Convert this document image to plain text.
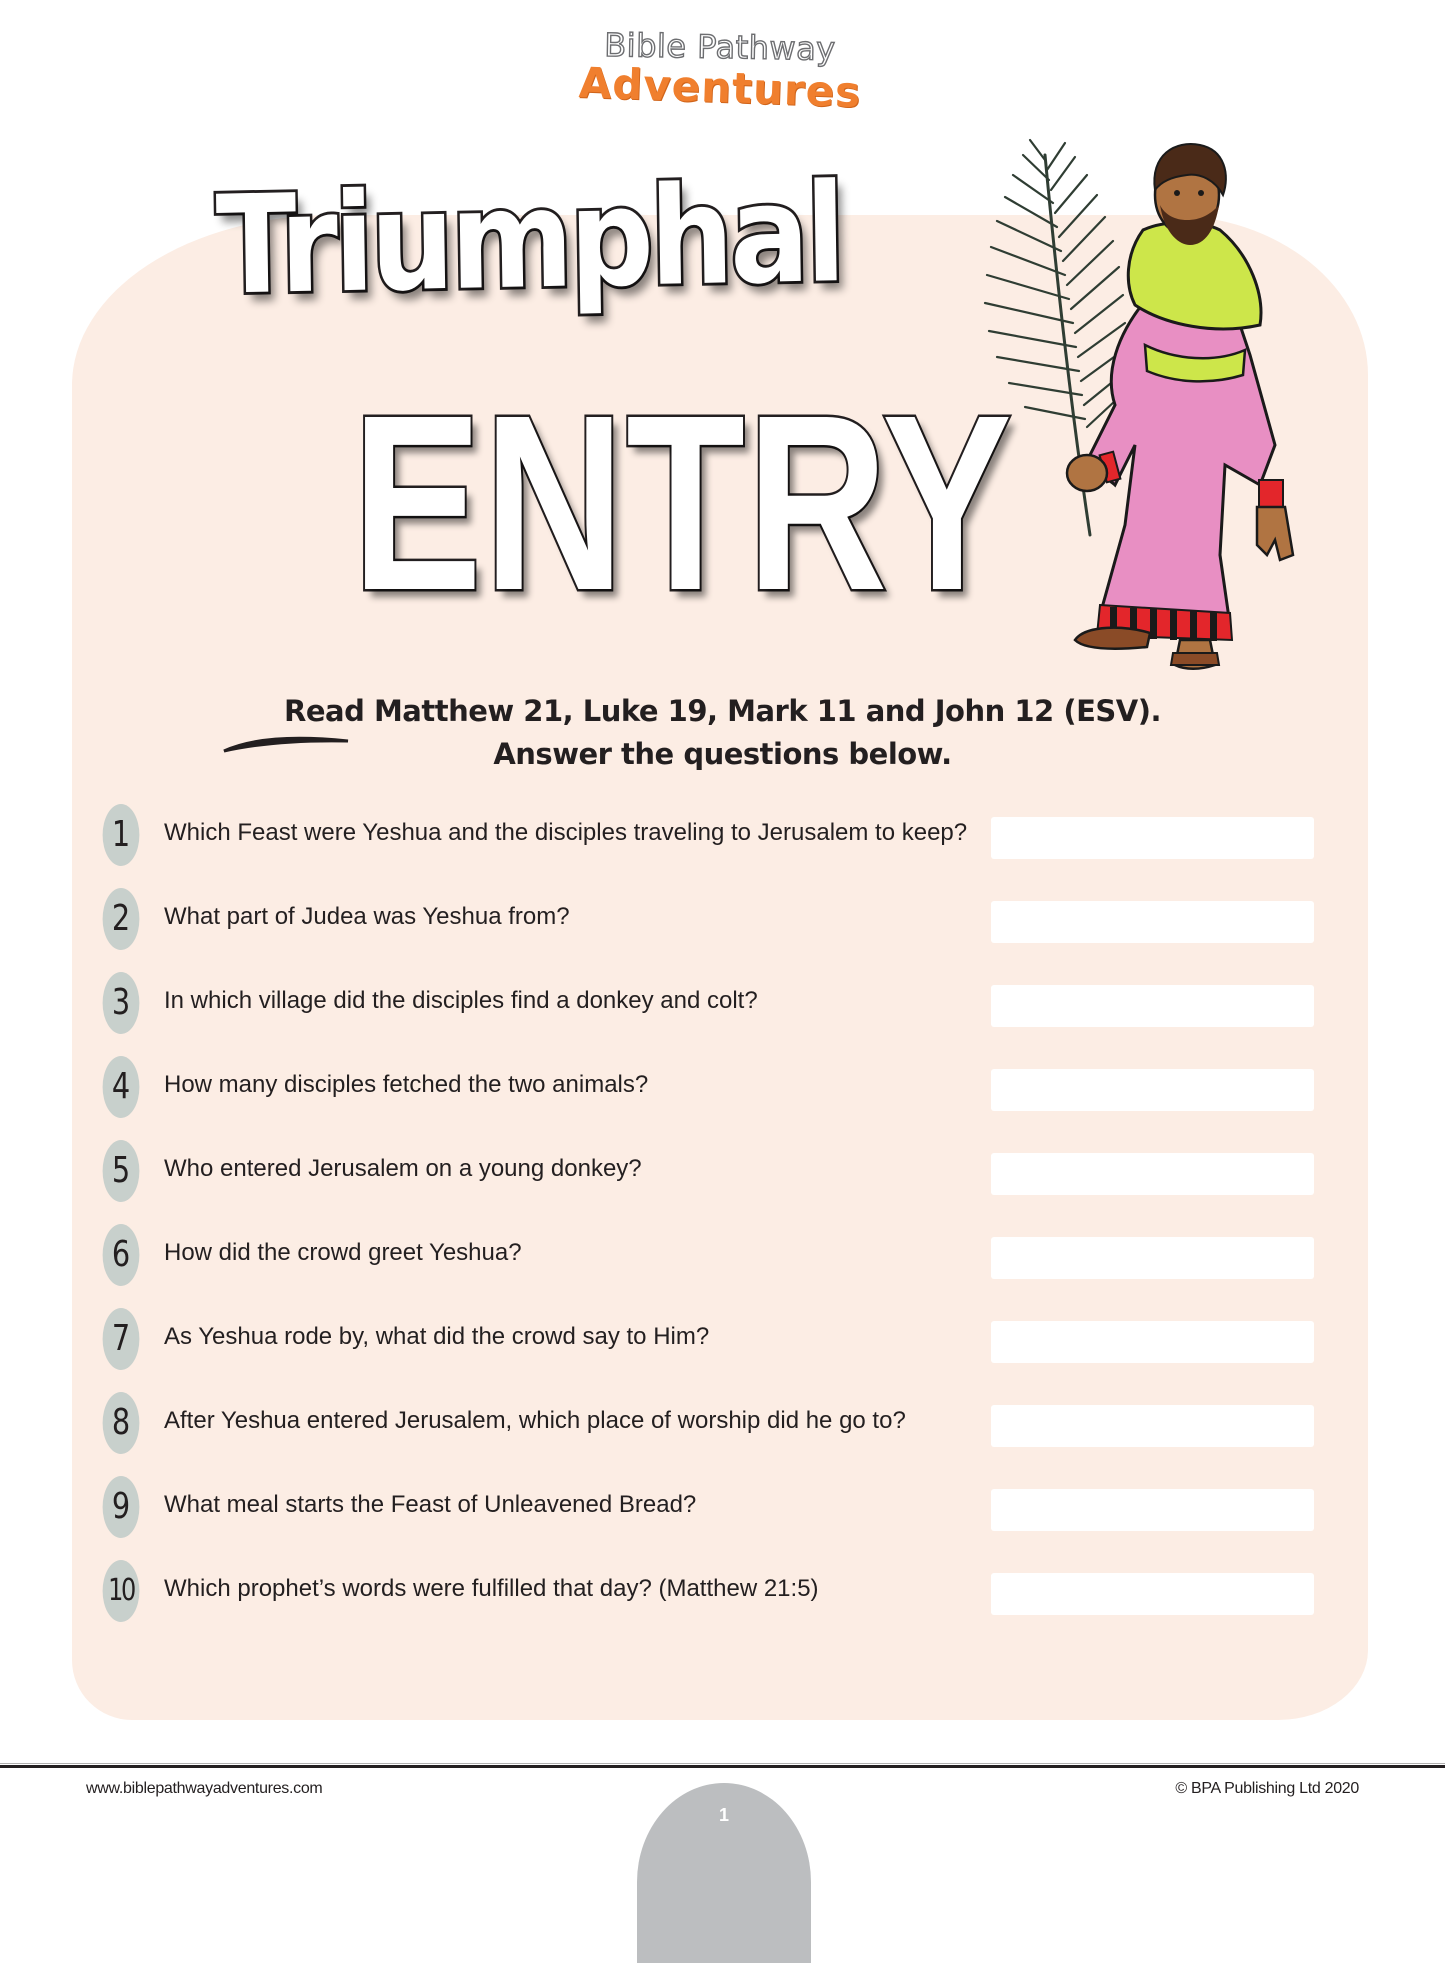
Bible Pathway
Adventures
Triumphal
ENTRY
Read Matthew 21, Luke 19, Mark 11 and John 12 (ESV).
Answer the questions below.
1	Which Feast were Yeshua and the disciples traveling to Jerusalem to keep?
2	What part of Judea was Yeshua from?
3	In which village did the disciples find a donkey and colt?
4	How many disciples fetched the two animals?
5	Who entered Jerusalem on a young donkey?
6	How did the crowd greet Yeshua?
7	As Yeshua rode by, what did the crowd say to Him?
8	After Yeshua entered Jerusalem, which place of worship did he go to?
9	What meal starts the Feast of Unleavened Bread?
10 Which prophet’s words were fulfilled that day? (Matthew 21:5)
www.biblepathwayadventures.com	© BPA Publishing Ltd 2020
1
